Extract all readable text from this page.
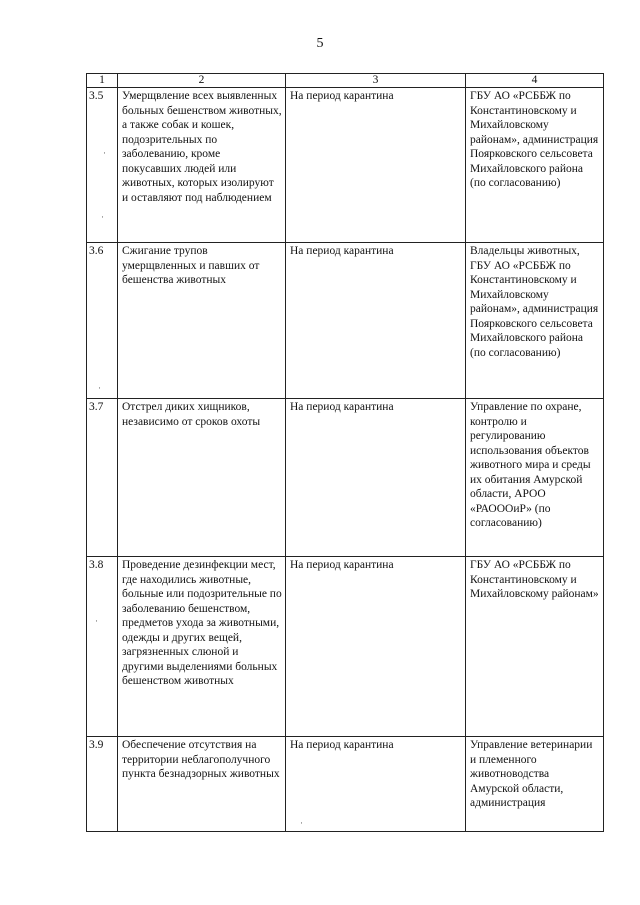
5
1	2	3	4
3.5	Умерщвление всех выявленных больных бешенством животных, а также собак и кошек, подозрительных по заболеванию, кроме покусавших людей или животных, которых изолируют и оставляют под наблюдением	На период карантина	ГБУ АО «РСББЖ по Константиновскому и Михайловскому районам», администрация Поярковского сельсовета Михайловского района (по согласованию)
3.6	Сжигание трупов умерщвленных и павших от бешенства животных	На период карантина	Владельцы животных, ГБУ АО «РСББЖ по Константиновскому и Михайловскому районам», администрация Поярковского сельсовета Михайловского района (по согласованию)
3.7	Отстрел диких хищников, независимо от сроков охоты	На период карантина	Управление по охране, контролю и регулированию использования объектов животного мира и среды их обитания Амурской области, АРОО «РАОООиР» (по согласованию)
3.8	Проведение дезинфекции мест, где находились животные, больные или подозрительные по заболеванию бешенством, предметов ухода за животными, одежды и других вещей, загрязненных слюной и другими выделениями больных бешенством животных	На период карантина	ГБУ АО «РСББЖ по Константиновскому и Михайловскому районам»
3.9	Обеспечение отсутствия на территории неблагополучного пункта безнадзорных животных	На период карантина	Управление ветеринарии и племенного животноводства Амурской области, администрация
·
·
·
·
·
